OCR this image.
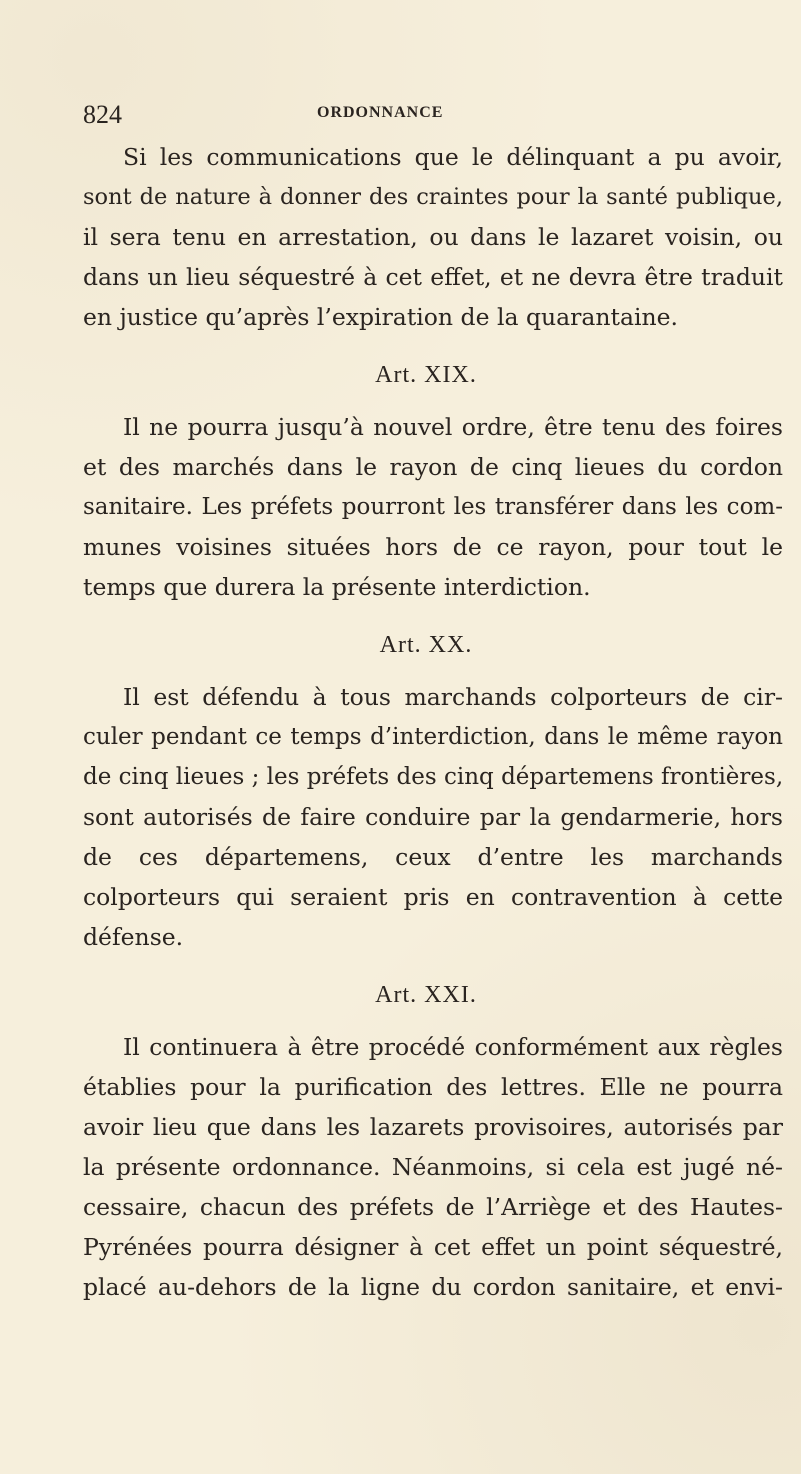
824	ORDONNANCE
Si les communications que le délinquant a pu avoir,
sont de nature à donner des craintes pour la santé publique,
il sera tenu en arrestation, ou dans le lazaret voisin, ou
dans un lieu séquestré à cet effet, et ne devra être traduit
en justice qu’après l’expiration de la quarantaine.
Art. XIX.
Il ne pourra jusqu’à nouvel ordre, être tenu des foires
et des marchés dans le rayon de cinq lieues du cordon
sanitaire. Les préfets pourront les transférer dans les com-
munes voisines situées hors de ce rayon, pour tout le
temps que durera la présente interdiction.
Art. XX.
Il est défendu à tous marchands colporteurs de cir-
culer pendant ce temps d’interdiction, dans le même rayon
de cinq lieues ; les préfets des cinq départemens frontières,
sont autorisés de faire conduire par la gendarmerie, hors
de ces départemens, ceux d’entre les marchands
colporteurs qui seraient pris en contravention à cette
défense.
Art. XXI.
Il continuera à être procédé conformément aux règles
établies pour la purification des lettres. Elle ne pourra
avoir lieu que dans les lazarets provisoires, autorisés par
la présente ordonnance. Néanmoins, si cela est jugé né-
cessaire, chacun des préfets de l’Arriège et des Hautes-
Pyrénées pourra désigner à cet effet un point séquestré,
placé au-dehors de la ligne du cordon sanitaire, et envi-
